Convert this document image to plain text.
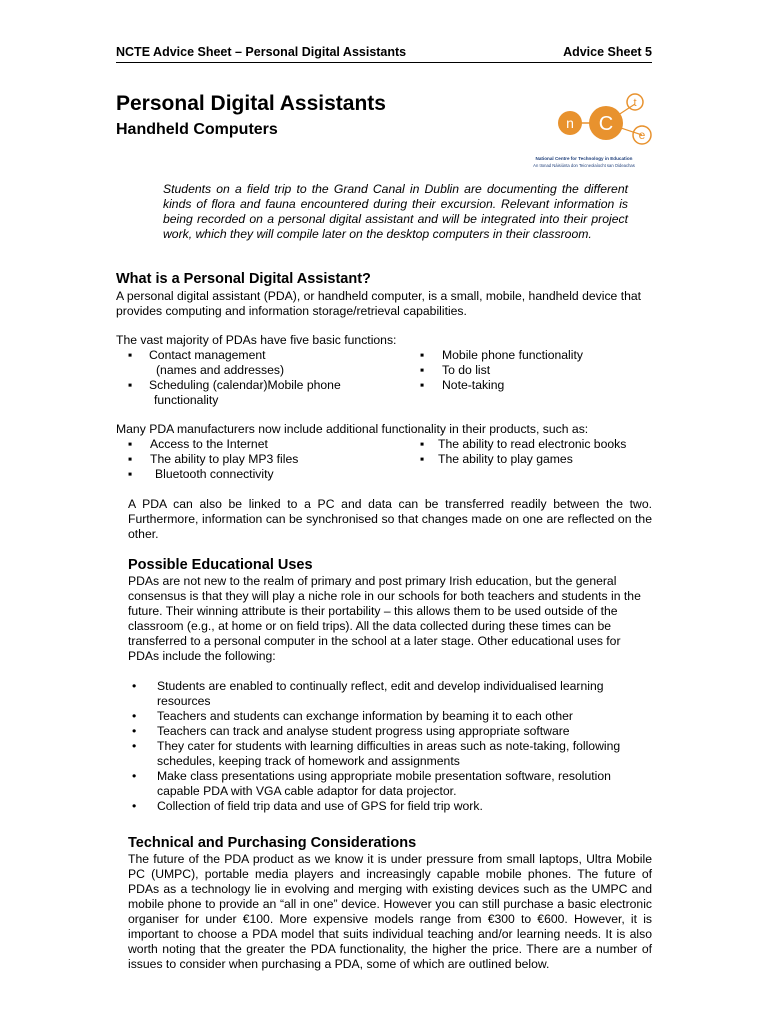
NCTE Advice Sheet – Personal Digital Assistants	Advice Sheet 5
Personal Digital Assistants
Handheld Computers	n C
t
e
National Centre for Technology in Education
An tIonad Náisiúnta don Teicneolaíocht san Oideachas
Students on a field trip to the Grand Canal in Dublin are documenting the different kinds of flora and fauna encountered during their excursion. Relevant information is being recorded on a personal digital assistant and will be integrated into their project work, which they will compile later on the desktop computers in their classroom.
What is a Personal Digital Assistant?
A personal digital assistant (PDA), or handheld computer, is a small, mobile, handheld device that provides computing and information storage/retrieval capabilities.
The vast majority of PDAs have five basic functions:
▪ Contact management
(names and addresses)
▪ Scheduling (calendar)Mobile phone
functionality
▪ Mobile phone functionality
▪ To do list
▪ Note-taking
Many PDA manufacturers now include additional functionality in their products, such as:
▪ Access to the Internet
▪ The ability to play MP3 files
▪ Bluetooth connectivity
▪ The ability to read electronic books
▪ The ability to play games
A PDA can also be linked to a PC and data can be transferred readily between the two. Furthermore, information can be synchronised so that changes made on one are reflected on the other.
Possible Educational Uses
PDAs are not new to the realm of primary and post primary Irish education, but the general consensus is that they will play a niche role in our schools for both teachers and students in the future. Their winning attribute is their portability – this allows them to be used outside of the classroom (e.g., at home or on field trips). All the data collected during these times can be transferred to a personal computer in the school at a later stage. Other educational uses for PDAs include the following:
• Students are enabled to continually reflect, edit and develop individualised learning resources
• Teachers and students can exchange information by beaming it to each other
• Teachers can track and analyse student progress using appropriate software
• They cater for students with learning difficulties in areas such as note-taking, following schedules, keeping track of homework and assignments
• Make class presentations using appropriate mobile presentation software, resolution capable PDA with VGA cable adaptor for data projector.
• Collection of field trip data and use of GPS for field trip work.
Technical and Purchasing Considerations
The future of the PDA product as we know it is under pressure from small laptops, Ultra Mobile PC (UMPC), portable media players and increasingly capable mobile phones. The future of PDAs as a technology lie in evolving and merging with existing devices such as the UMPC and mobile phone to provide an “all in one” device. However you can still purchase a basic electronic organiser for under €100. More expensive models range from €300 to €600. However, it is important to choose a PDA model that suits individual teaching and/or learning needs. It is also worth noting that the greater the PDA functionality, the higher the price. There are a number of issues to consider when purchasing a PDA, some of which are outlined below.
